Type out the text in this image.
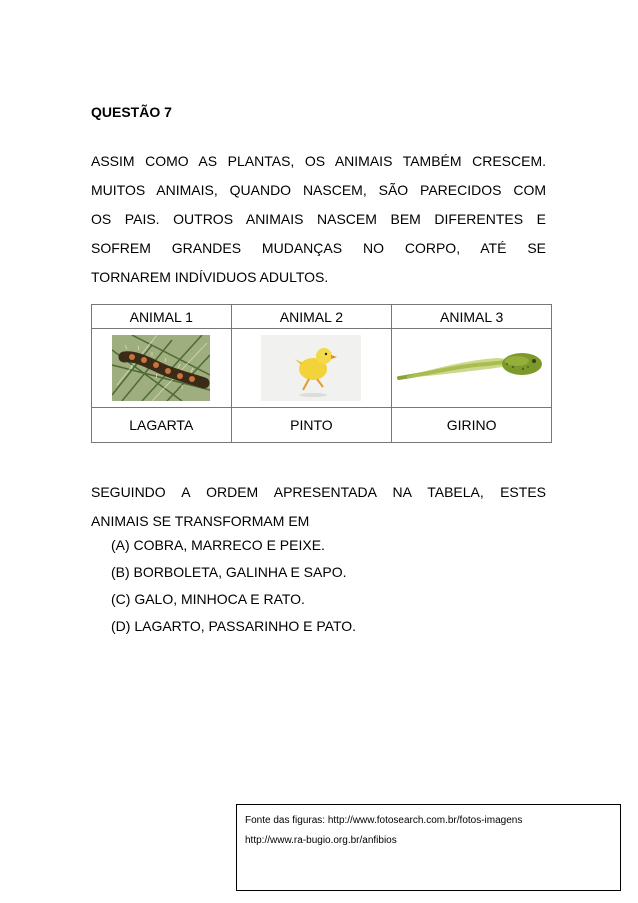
QUESTÃO 7
ASSIM COMO AS PLANTAS, OS ANIMAIS TAMBÉM CRESCEM.
MUITOS ANIMAIS, QUANDO NASCEM, SÃO PARECIDOS COM
OS PAIS. OUTROS ANIMAIS NASCEM BEM DIFERENTES E
SOFREM GRANDES MUDANÇAS NO CORPO, ATÉ SE
TORNAREM INDÍVIDUOS ADULTOS.
ANIMAL 1	ANIMAL 2	ANIMAL 3

LAGARTA	PINTO	GIRINO
SEGUINDO A ORDEM APRESENTADA NA TABELA, ESTES
ANIMAIS SE TRANSFORMAM EM
(A) COBRA, MARRECO E PEIXE.
(B) BORBOLETA, GALINHA E SAPO.
(C) GALO, MINHOCA E RATO.
(D) LAGARTO, PASSARINHO E PATO.
Fonte das figuras: http://www.fotosearch.com.br/fotos-imagens
http://www.ra-bugio.org.br/anfibios
